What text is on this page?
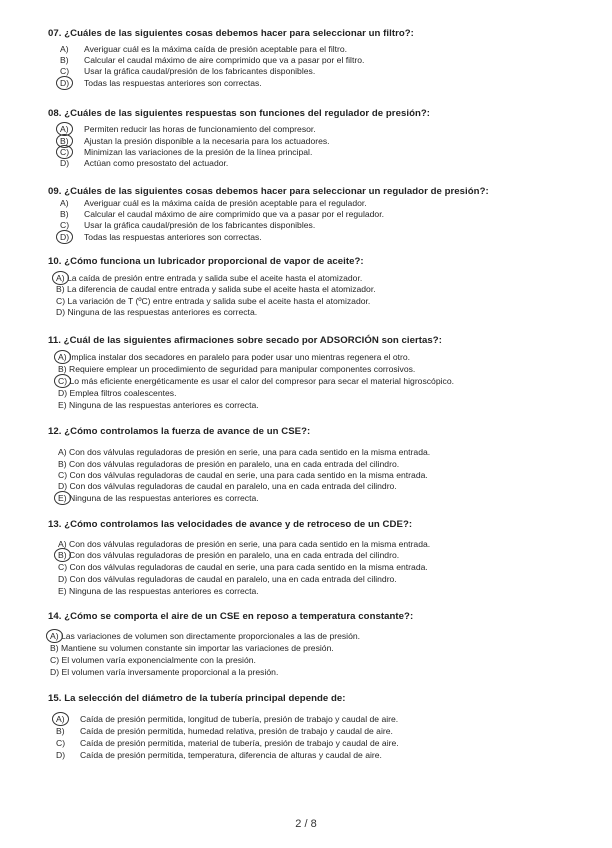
07. ¿Cuáles de las siguientes cosas debemos hacer para seleccionar un filtro?:
A) Averiguar cuál es la máxima caída de presión aceptable para el filtro.
B) Calcular el caudal máximo de aire comprimido que va a pasar por el filtro.
C) Usar la gráfica caudal/presión de los fabricantes disponibles.
D) Todas las respuestas anteriores son correctas.
08. ¿Cuáles de las siguientes respuestas son funciones del regulador de presión?:
A) Permiten reducir las horas de funcionamiento del compresor.
B) Ajustan la presión disponible a la necesaria para los actuadores.
C) Minimizan las variaciones de la presión de la línea principal.
D) Actúan como presostato del actuador.
09. ¿Cuáles de las siguientes cosas debemos hacer para seleccionar un regulador de presión?:
A) Averiguar cuál es la máxima caída de presión aceptable para el regulador.
B) Calcular el caudal máximo de aire comprimido que va a pasar por el regulador.
C) Usar la gráfica caudal/presión de los fabricantes disponibles.
D) Todas las respuestas anteriores son correctas.
10. ¿Cómo funciona un lubricador proporcional de vapor de aceite?:
A) La caída de presión entre entrada y salida sube el aceite hasta el atomizador.
B) La diferencia de caudal entre entrada y salida sube el aceite hasta el atomizador.
C) La variación de T (ºC) entre entrada y salida sube el aceite hasta el atomizador.
D) Ninguna de las respuestas anteriores es correcta.
11. ¿Cuál de las siguientes afirmaciones sobre secado por ADSORCIÓN son ciertas?:
A) Implica instalar dos secadores en paralelo para poder usar uno mientras regenera el otro.
B) Requiere emplear un procedimiento de seguridad para manipular componentes corrosivos.
C) Lo más eficiente energéticamente es usar el calor del compresor para secar el material higroscópico.
D) Emplea filtros coalescentes.
E) Ninguna de las respuestas anteriores es correcta.
12. ¿Cómo controlamos la fuerza de avance de un CSE?:
A) Con dos válvulas reguladoras de presión en serie, una para cada sentido en la misma entrada.
B) Con dos válvulas reguladoras de presión en paralelo, una en cada entrada del cilindro.
C) Con dos válvulas reguladoras de caudal en serie, una para cada sentido en la misma entrada.
D) Con dos válvulas reguladoras de caudal en paralelo, una en cada entrada del cilindro.
E) Ninguna de las respuestas anteriores es correcta.
13. ¿Cómo controlamos las velocidades de avance y de retroceso de un CDE?:
A) Con dos válvulas reguladoras de presión en serie, una para cada sentido en la misma entrada.
B) Con dos válvulas reguladoras de presión en paralelo, una en cada entrada del cilindro.
C) Con dos válvulas reguladoras de caudal en serie, una para cada sentido en la misma entrada.
D) Con dos válvulas reguladoras de caudal en paralelo, una en cada entrada del cilindro.
E) Ninguna de las respuestas anteriores es correcta.
14. ¿Cómo se comporta el aire de un CSE en reposo a temperatura constante?:
A) Las variaciones de volumen son directamente proporcionales a las de presión.
B) Mantiene su volumen constante sin importar las variaciones de presión.
C) El volumen varía exponencialmente con la presión.
D) El volumen varía inversamente proporcional a la presión.
15. La selección del diámetro de la tubería principal depende de:
A) Caída de presión permitida, longitud de tubería, presión de trabajo y caudal de aire.
B) Caída de presión permitida, humedad relativa, presión de trabajo y caudal de aire.
C) Caída de presión permitida, material de tubería, presión de trabajo y caudal de aire.
D) Caída de presión permitida, temperatura, diferencia de alturas y caudal de aire.
2 / 8
